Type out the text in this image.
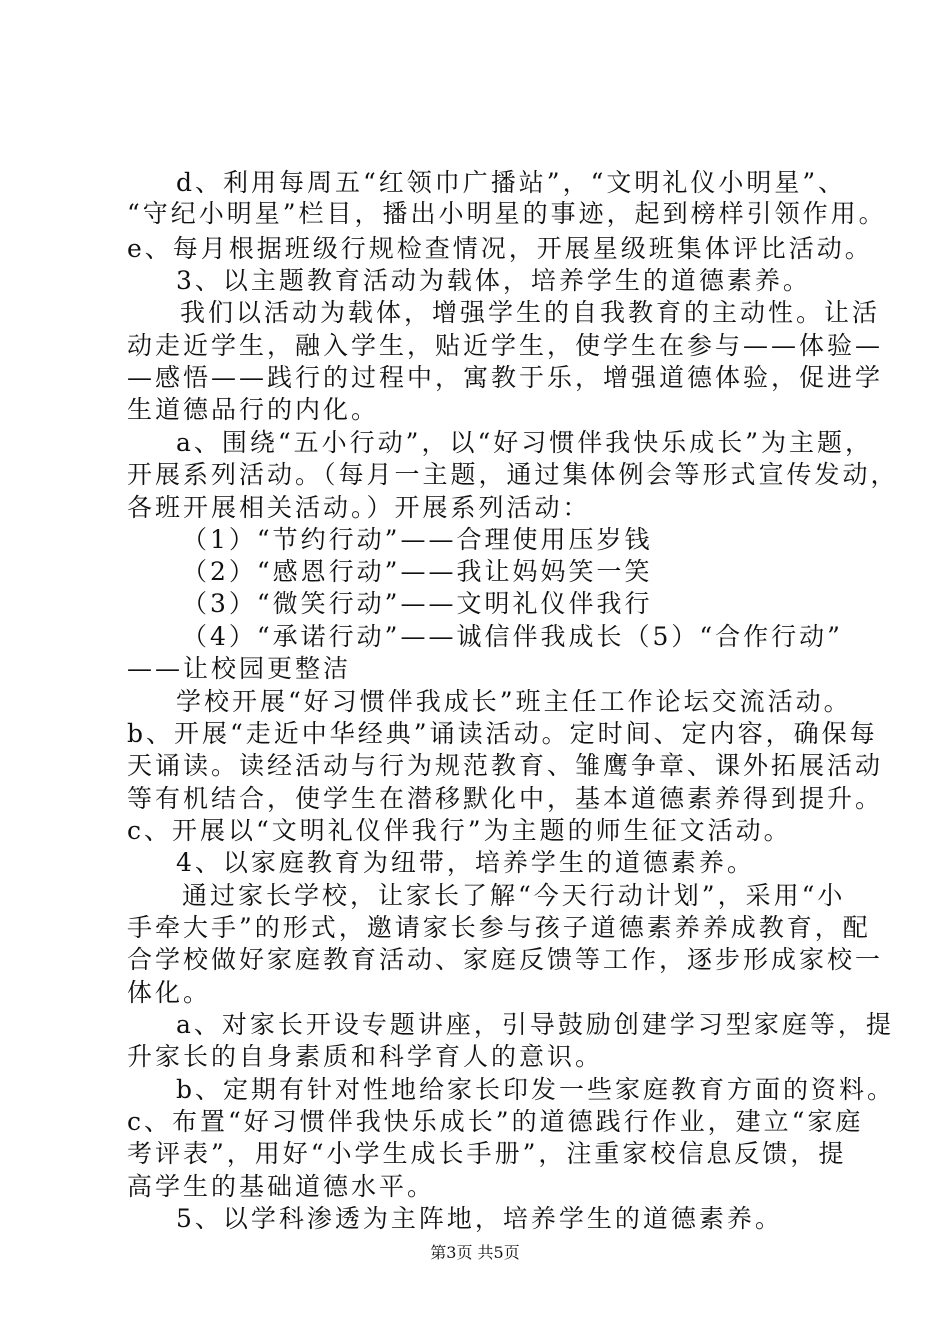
d、利用每周五“红领巾广播站”，“文明礼仪小明星”、
“守纪小明星”栏目，播出小明星的事迹，起到榜样引领作用。
e、每月根据班级行规检查情况，开展星级班集体评比活动。
3、以主题教育活动为载体，培养学生的道德素养。
我们以活动为载体，增强学生的自我教育的主动性。让活
动走近学生，融入学生，贴近学生，使学生在参与——体验—
—感悟——践行的过程中，寓教于乐，增强道德体验，促进学
生道德品行的内化。
a、围绕“五小行动”，以“好习惯伴我快乐成长”为主题，
开展系列活动。（每月一主题，通过集体例会等形式宣传发动，
各班开展相关活动。）开展系列活动：
（1）“节约行动”——合理使用压岁钱
（2）“感恩行动”——我让妈妈笑一笑
（3）“微笑行动”——文明礼仪伴我行
（4）“承诺行动”——诚信伴我成长（5）“合作行动”
——让校园更整洁
学校开展“好习惯伴我成长”班主任工作论坛交流活动。
b、开展“走近中华经典”诵读活动。定时间、定内容，确保每
天诵读。读经活动与行为规范教育、雏鹰争章、课外拓展活动
等有机结合，使学生在潜移默化中，基本道德素养得到提升。
c、开展以“文明礼仪伴我行”为主题的师生征文活动。
4、以家庭教育为纽带，培养学生的道德素养。
通过家长学校，让家长了解“今天行动计划”，采用“小
手牵大手”的形式，邀请家长参与孩子道德素养养成教育，配
合学校做好家庭教育活动、家庭反馈等工作，逐步形成家校一
体化。
a、对家长开设专题讲座，引导鼓励创建学习型家庭等，提
升家长的自身素质和科学育人的意识。
b、定期有针对性地给家长印发一些家庭教育方面的资料。
c、布置“好习惯伴我快乐成长”的道德践行作业，建立“家庭
考评表”，用好“小学生成长手册”，注重家校信息反馈，提
高学生的基础道德水平。
5、以学科渗透为主阵地，培养学生的道德素养。
第3页 共5页
